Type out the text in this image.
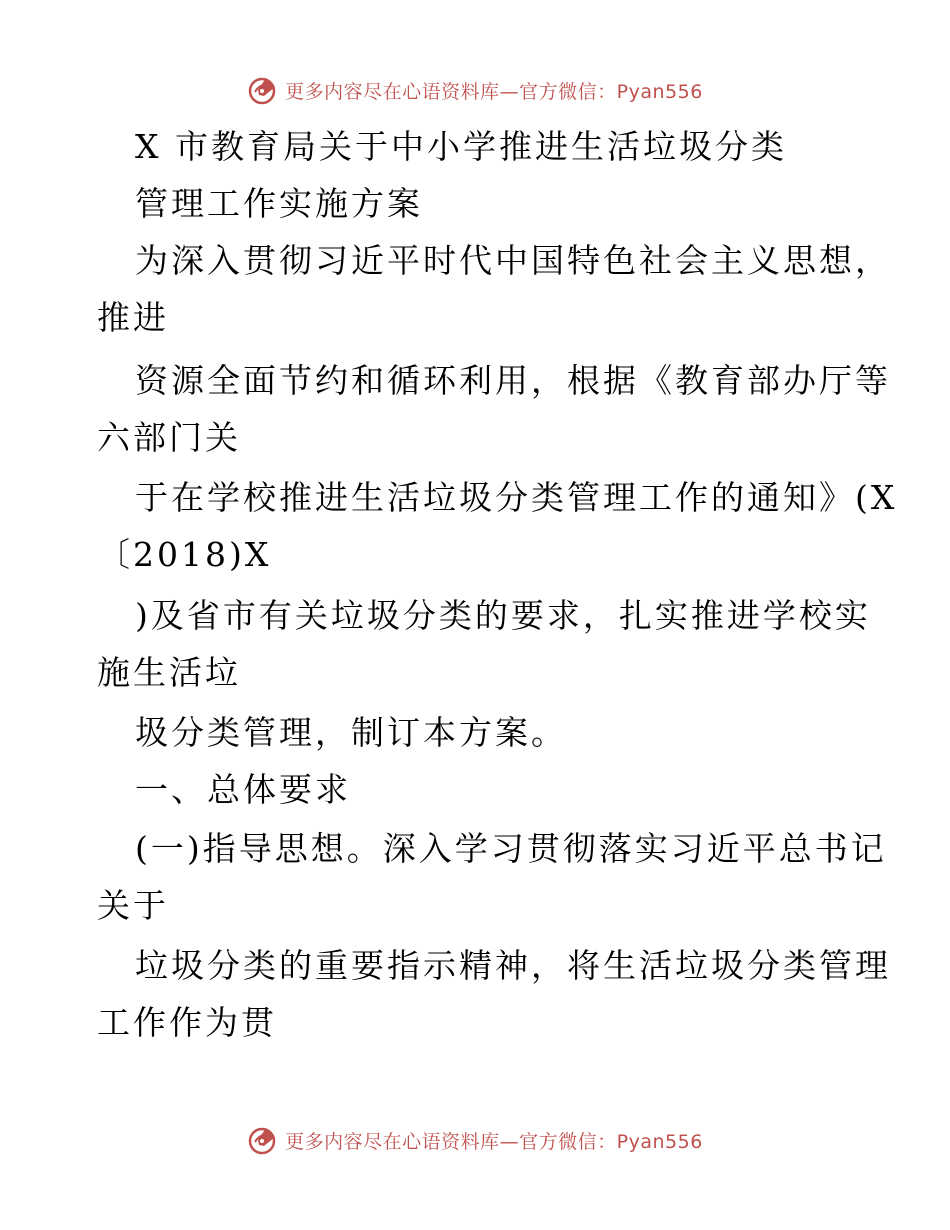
更多内容尽在心语资料库—官方微信：Pyan556
X 市教育局关于中小学推进生活垃圾分类
管理工作实施方案
为深入贯彻习近平时代中国特色社会主义思想，
推进
资源全面节约和循环利用，根据《教育部办厅等
六部门关
于在学校推进生活垃圾分类管理工作的通知》(X
〔2018)X
)及省市有关垃圾分类的要求，扎实推进学校实
施生活垃
圾分类管理，制订本方案。
一、总体要求
(一)指导思想。深入学习贯彻落实习近平总书记
关于
垃圾分类的重要指示精神，将生活垃圾分类管理
工作作为贯
更多内容尽在心语资料库—官方微信：Pyan556
